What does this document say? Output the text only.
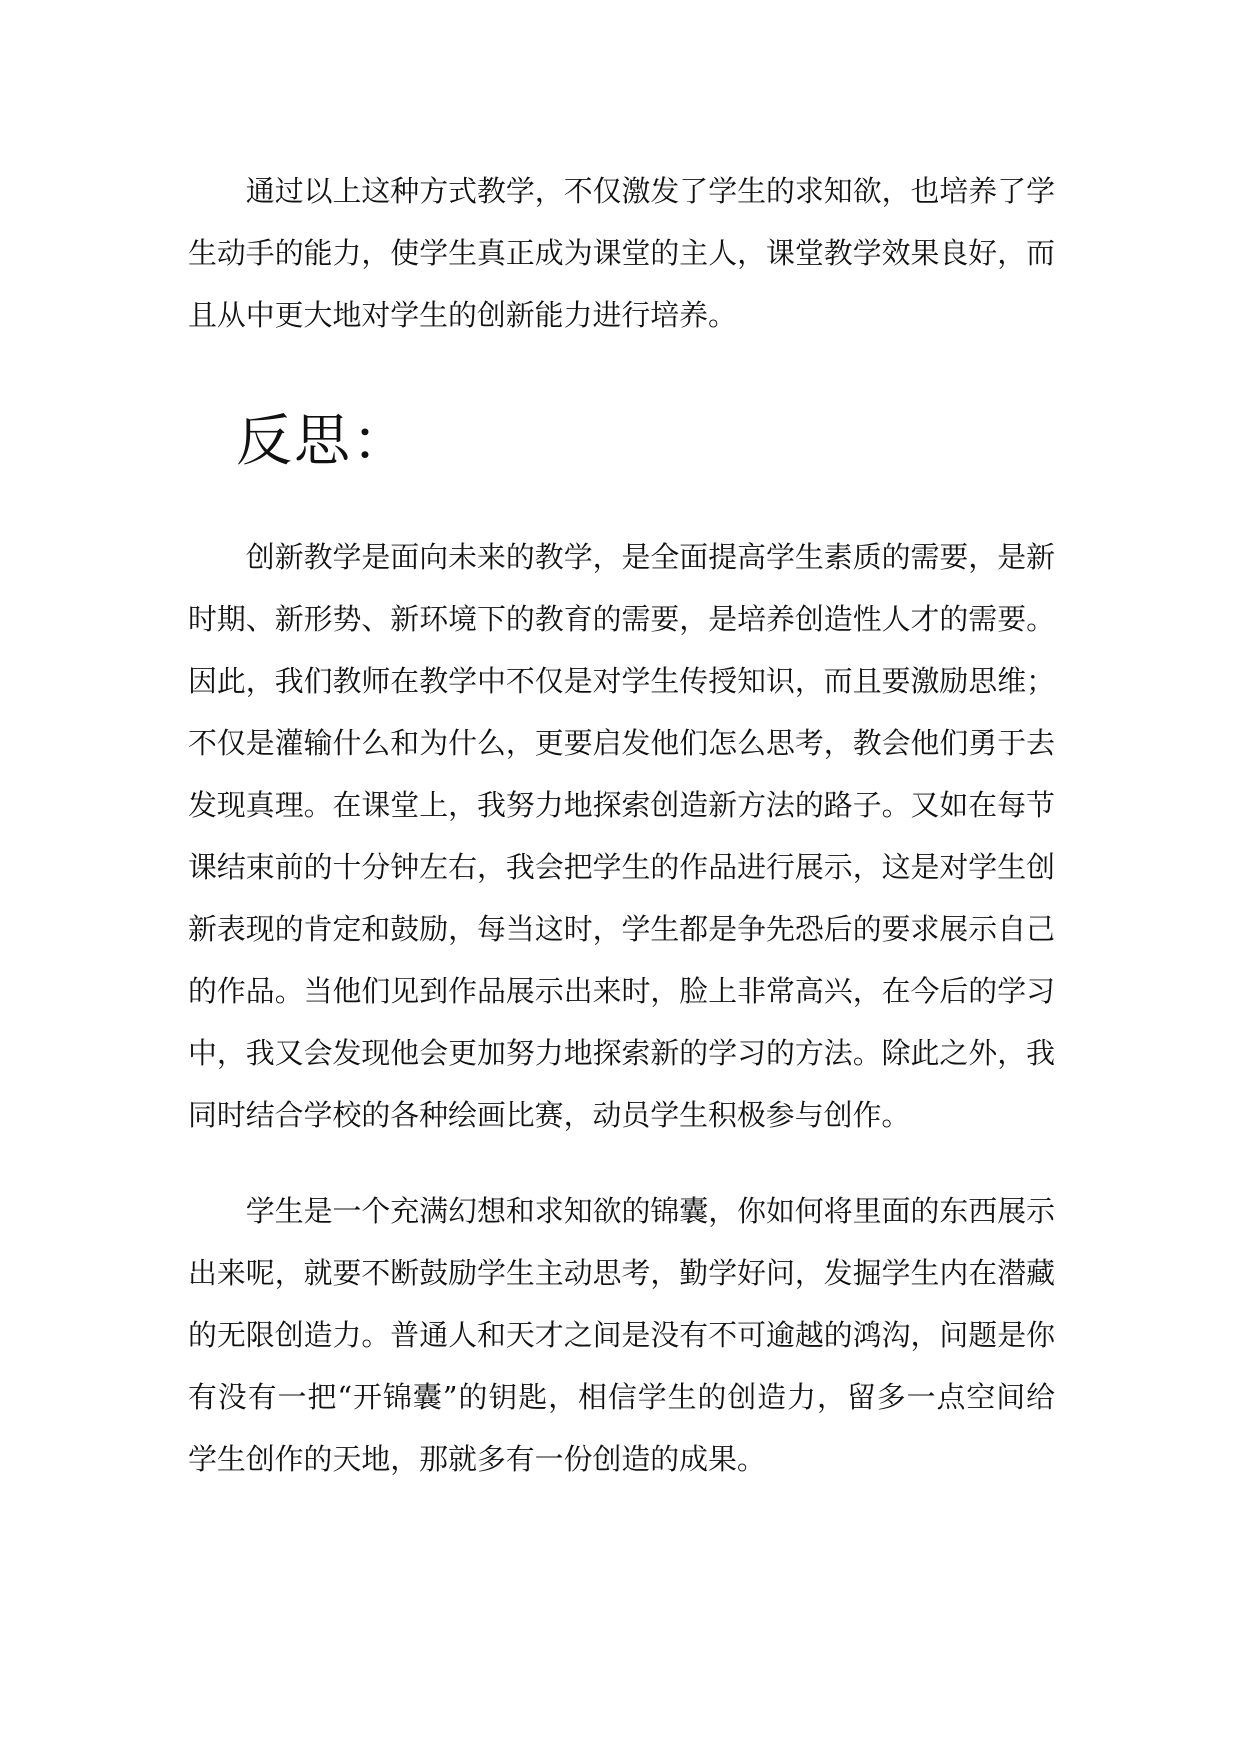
通过以上这种方式教学，不仅激发了学生的求知欲，也培养了学生动手的能力，使学生真正成为课堂的主人，课堂教学效果良好，而且从中更大地对学生的创新能力进行培养。

反思：

创新教学是面向未来的教学，是全面提高学生素质的需要，是新时期、新形势、新环境下的教育的需要，是培养创造性人才的需要。因此，我们教师在教学中不仅是对学生传授知识，而且要激励思维；不仅是灌输什么和为什么，更要启发他们怎么思考，教会他们勇于去发现真理。在课堂上，我努力地探索创造新方法的路子。又如在每节课结束前的十分钟左右，我会把学生的作品进行展示，这是对学生创新表现的肯定和鼓励，每当这时，学生都是争先恐后的要求展示自己的作品。当他们见到作品展示出来时，脸上非常高兴，在今后的学习中，我又会发现他会更加努力地探索新的学习的方法。除此之外，我同时结合学校的各种绘画比赛，动员学生积极参与创作。

学生是一个充满幻想和求知欲的锦囊，你如何将里面的东西展示出来呢，就要不断鼓励学生主动思考，勤学好问，发掘学生内在潜藏的无限创造力。普通人和天才之间是没有不可逾越的鸿沟，问题是你有没有一把“开锦囊”的钥匙，相信学生的创造力，留多一点空间给学生创作的天地，那就多有一份创造的成果。
